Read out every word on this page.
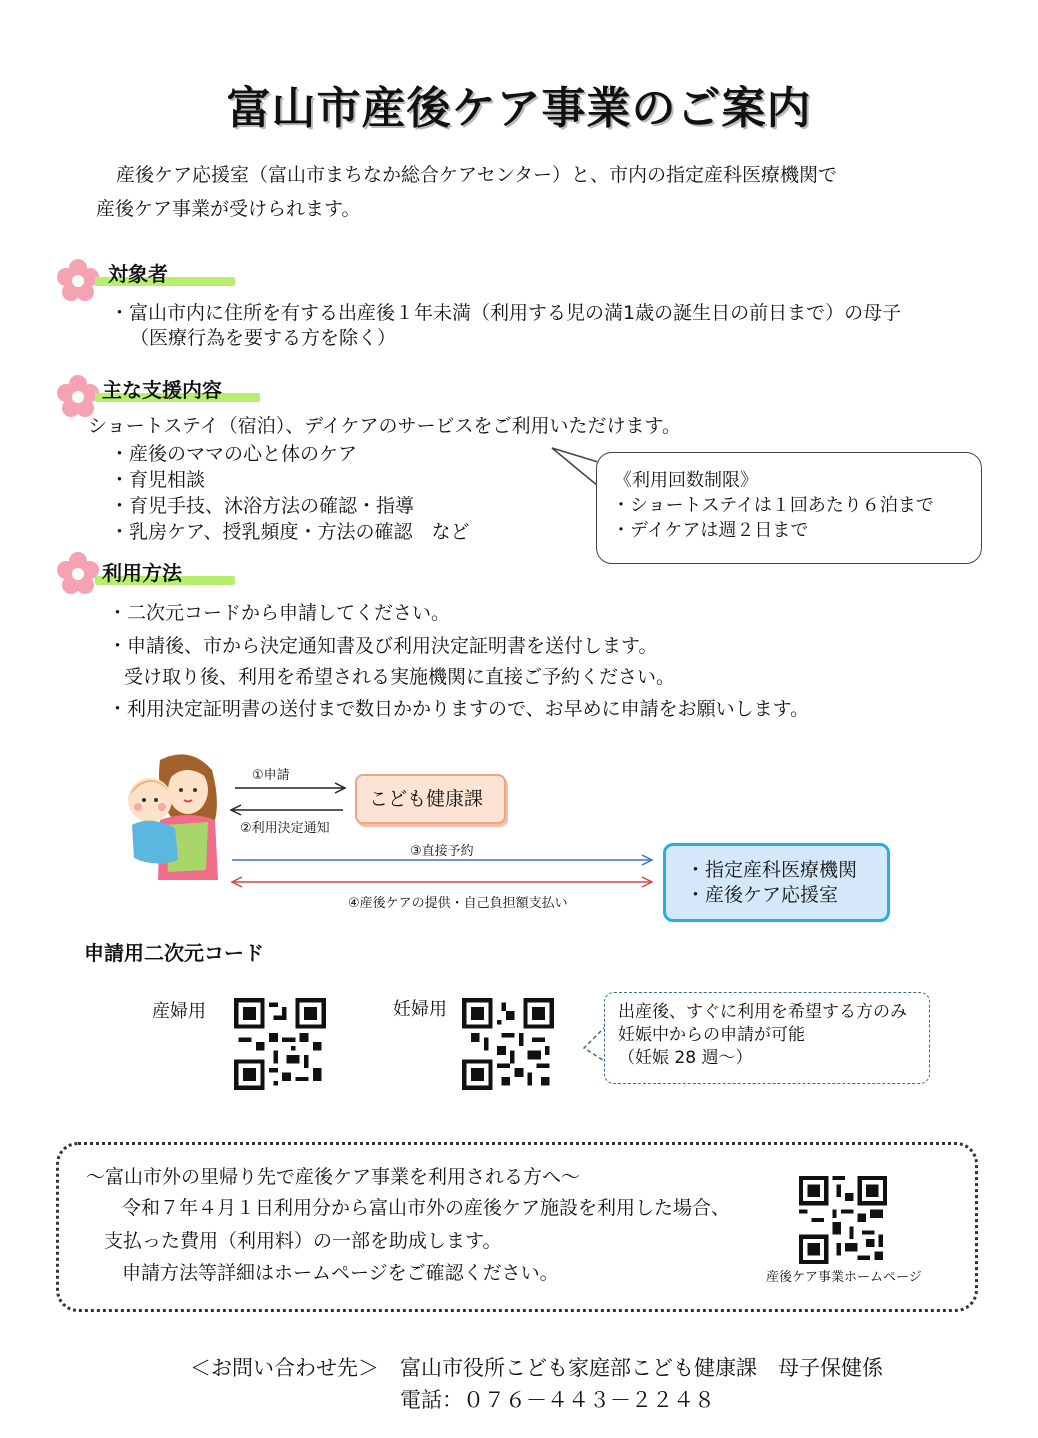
富山市産後ケア事業のご案内
産後ケア応援室（富山市まちなか総合ケアセンター）と、市内の指定産科医療機関で
産後ケア事業が受けられます。
対象者
・富山市内に住所を有する出産後１年未満（利用する児の満1歳の誕生日の前日まで）の母子
（医療行為を要する方を除く）
主な支援内容
ショートステイ（宿泊）、デイケアのサービスをご利用いただけます。
・産後のママの心と体のケア
・育児相談
・育児手技、沐浴方法の確認・指導
・乳房ケア、授乳頻度・方法の確認　など
《利用回数制限》
・ショートステイは１回あたり６泊まで
・デイケアは週２日まで
利用方法
・二次元コードから申請してください。
・申請後、市から決定通知書及び利用決定証明書を送付します。
受け取り後、利用を希望される実施機関に直接ご予約ください。
・利用決定証明書の送付まで数日かかりますので、お早めに申請をお願いします。
①申請
②利用決定通知
③直接予約
④産後ケアの提供・自己負担額支払い
こども健康課
・指定産科医療機関
・産後ケア応援室
申請用二次元コード
産婦用	妊婦用	出産後、すぐに利用を希望する方のみ
妊娠中からの申請が可能
（妊娠 28 週～）
～富山市外の里帰り先で産後ケア事業を利用される方へ～
令和７年４月１日利用分から富山市外の産後ケア施設を利用した場合、
支払った費用（利用料）の一部を助成します。
申請方法等詳細はホームページをご確認ください。	産後ケア事業ホームページ
＜お問い合わせ先＞ 富山市役所こども家庭部こども健康課　母子保健係
電話：０７６－４４３－２２４８
